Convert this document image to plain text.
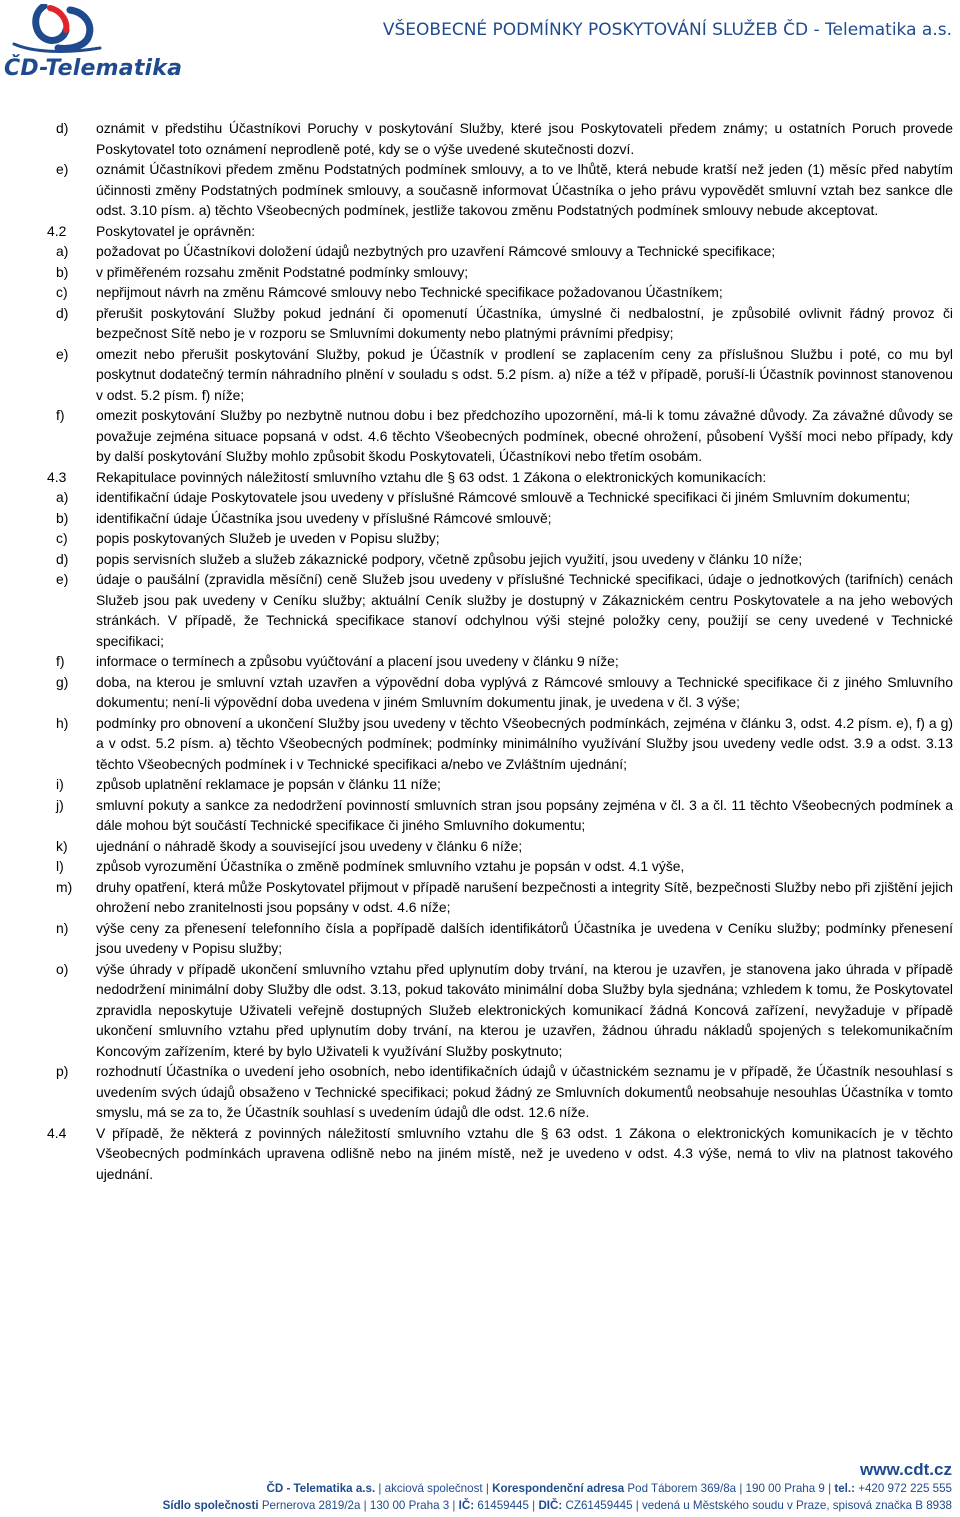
ČD-Telematika
VŠEOBECNÉ PODMÍNKY POSKYTOVÁNÍ SLUŽEB ČD - Telematika a.s.
d) oznámit v předstihu Účastníkovi Poruchy v poskytování Služby, které jsou Poskytovateli předem známy; u ostatních Poruch provede Poskytovatel toto oznámení neprodleně poté, kdy se o výše uvedené skutečnosti dozví.
e) oznámit Účastníkovi předem změnu Podstatných podmínek smlouvy, a to ve lhůtě, která nebude kratší než jeden (1) měsíc před nabytím účinnosti změny Podstatných podmínek smlouvy, a současně informovat Účastníka o jeho právu vypovědět smluvní vztah bez sankce dle odst. 3.10 písm. a) těchto Všeobecných podmínek, jestliže takovou změnu Podstatných podmínek smlouvy nebude akceptovat.
4.2 Poskytovatel je oprávněn:
a) požadovat po Účastníkovi doložení údajů nezbytných pro uzavření Rámcové smlouvy a Technické specifikace;
b) v přiměřeném rozsahu změnit Podstatné podmínky smlouvy;
c) nepřijmout návrh na změnu Rámcové smlouvy nebo Technické specifikace požadovanou Účastníkem;
d) přerušit poskytování Služby pokud jednání či opomenutí Účastníka, úmyslné či nedbalostní, je způsobilé ovlivnit řádný provoz či bezpečnost Sítě nebo je v rozporu se Smluvními dokumenty nebo platnými právními předpisy;
e) omezit nebo přerušit poskytování Služby, pokud je Účastník v prodlení se zaplacením ceny za příslušnou Službu i poté, co mu byl poskytnut dodatečný termín náhradního plnění v souladu s odst. 5.2 písm. a) níže a též v případě, poruší-li Účastník povinnost stanovenou v odst. 5.2 písm. f) níže;
f) omezit poskytování Služby po nezbytně nutnou dobu i bez předchozího upozornění, má-li k tomu závažné důvody. Za závažné důvody se považuje zejména situace popsaná v odst. 4.6 těchto Všeobecných podmínek, obecné ohrožení, působení Vyšší moci nebo případy, kdy by další poskytování Služby mohlo způsobit škodu Poskytovateli, Účastníkovi nebo třetím osobám.
4.3 Rekapitulace povinných náležitostí smluvního vztahu dle § 63 odst. 1 Zákona o elektronických komunikacích:
a) identifikační údaje Poskytovatele jsou uvedeny v příslušné Rámcové smlouvě a Technické specifikaci či jiném Smluvním dokumentu;
b) identifikační údaje Účastníka jsou uvedeny v příslušné Rámcové smlouvě;
c) popis poskytovaných Služeb je uveden v Popisu služby;
d) popis servisních služeb a služeb zákaznické podpory, včetně způsobu jejich využití, jsou uvedeny v článku 10 níže;
e) údaje o paušální (zpravidla měsíční) ceně Služeb jsou uvedeny v příslušné Technické specifikaci, údaje o jednotkových (tarifních) cenách Služeb jsou pak uvedeny v Ceníku služby; aktuální Ceník služby je dostupný v Zákaznickém centru Poskytovatele a na jeho webových stránkách. V případě, že Technická specifikace stanoví odchylnou výši stejné položky ceny, použijí se ceny uvedené v Technické specifikaci;
f) informace o termínech a způsobu vyúčtování a placení jsou uvedeny v článku 9 níže;
g) doba, na kterou je smluvní vztah uzavřen a výpovědní doba vyplývá z Rámcové smlouvy a Technické specifikace či z jiného Smluvního dokumentu; není-li výpovědní doba uvedena v jiném Smluvním dokumentu jinak, je uvedena v čl. 3 výše;
h) podmínky pro obnovení a ukončení Služby jsou uvedeny v těchto Všeobecných podmínkách, zejména v článku 3, odst. 4.2 písm. e), f) a g) a v odst. 5.2 písm. a) těchto Všeobecných podmínek; podmínky minimálního využívání Služby jsou uvedeny vedle odst. 3.9 a odst. 3.13 těchto Všeobecných podmínek i v Technické specifikaci a/nebo ve Zvláštním ujednání;
i) způsob uplatnění reklamace je popsán v článku 11 níže;
j) smluvní pokuty a sankce za nedodržení povinností smluvních stran jsou popsány zejména v čl. 3 a čl. 11 těchto Všeobecných podmínek a dále mohou být součástí Technické specifikace či jiného Smluvního dokumentu;
k) ujednání o náhradě škody a související jsou uvedeny v článku 6 níže;
l) způsob vyrozumění Účastníka o změně podmínek smluvního vztahu je popsán v odst. 4.1 výše,
m) druhy opatření, která může Poskytovatel přijmout v případě narušení bezpečnosti a integrity Sítě, bezpečnosti Služby nebo při zjištění jejich ohrožení nebo zranitelnosti jsou popsány v odst. 4.6 níže;
n) výše ceny za přenesení telefonního čísla a popřípadě dalších identifikátorů Účastníka je uvedena v Ceníku služby; podmínky přenesení jsou uvedeny v Popisu služby;
o) výše úhrady v případě ukončení smluvního vztahu před uplynutím doby trvání, na kterou je uzavřen, je stanovena jako úhrada v případě nedodržení minimální doby Služby dle odst. 3.13, pokud takováto minimální doba Služby byla sjednána; vzhledem k tomu, že Poskytovatel zpravidla neposkytuje Uživateli veřejně dostupných Služeb elektronických komunikací žádná Koncová zařízení, nevyžaduje v případě ukončení smluvního vztahu před uplynutím doby trvání, na kterou je uzavřen, žádnou úhradu nákladů spojených s telekomunikačním Koncovým zařízením, které by bylo Uživateli k využívání Služby poskytnuto;
p) rozhodnutí Účastníka o uvedení jeho osobních, nebo identifikačních údajů v účastnickém seznamu je v případě, že Účastník nesouhlasí s uvedením svých údajů obsaženo v Technické specifikaci; pokud žádný ze Smluvních dokumentů neobsahuje nesouhlas Účastníka v tomto smyslu, má se za to, že Účastník souhlasí s uvedením údajů dle odst. 12.6 níže.
4.4 V případě, že některá z povinných náležitostí smluvního vztahu dle § 63 odst. 1 Zákona o elektronických komunikacích je v těchto Všeobecných podmínkách upravena odlišně nebo na jiném místě, než je uvedeno v odst. 4.3 výše, nemá to vliv na platnost takového ujednání.
www.cdt.cz
ČD - Telematika a.s. | akciová společnost | Korespondenční adresa Pod Táborem 369/8a | 190 00 Praha 9 | tel.: +420 972 225 555
Sídlo společnosti Pernerova 2819/2a | 130 00 Praha 3 | IČ: 61459445 | DIČ: CZ61459445 | vedená u Městského soudu v Praze, spisová značka B 8938
